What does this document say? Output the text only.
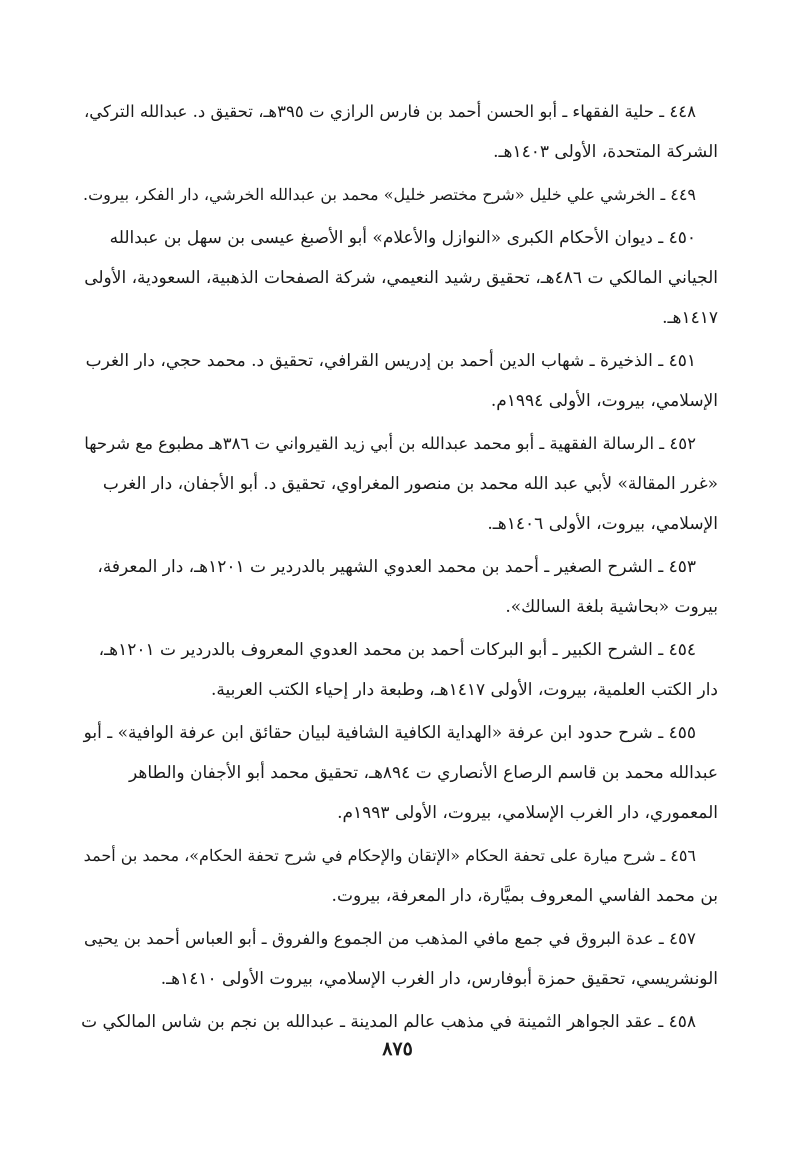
٤٤٨ ـ حلية الفقهاء ـ أبو الحسن أحمد بن فارس الرازي ت ٣٩٥هـ، تحقيق د. عبدالله التركي،
الشركة المتحدة، الأولى ١٤٠٣هـ.
٤٤٩ ـ الخرشي علي خليل «شرح مختصر خليل» محمد بن عبدالله الخرشي، دار الفكر، بيروت.
٤٥٠ ـ ديوان الأحكام الكبرى «النوازل والأعلام» أبو الأصبغ عيسى بن سهل بن عبدالله
الجياني المالكي ت ٤٨٦هـ، تحقيق رشيد النعيمي، شركة الصفحات الذهبية، السعودية، الأولى
١٤١٧هـ.
٤٥١ ـ الذخيرة ـ شهاب الدين أحمد بن إدريس القرافي، تحقيق د. محمد حجي، دار الغرب
الإسلامي، بيروت، الأولى ١٩٩٤م.
٤٥٢ ـ الرسالة الفقهية ـ أبو محمد عبدالله بن أبي زيد القيرواني ت ٣٨٦هـ مطبوع مع شرحها
«غرر المقالة» لأبي عبد الله محمد بن منصور المغراوي، تحقيق د. أبو الأجفان، دار الغرب
الإسلامي، بيروت، الأولى ١٤٠٦هـ.
٤٥٣ ـ الشرح الصغير ـ أحمد بن محمد العدوي الشهير بالدردير ت ١٢٠١هـ، دار المعرفة،
بيروت «بحاشية بلغة السالك».
٤٥٤ ـ الشرح الكبير ـ أبو البركات أحمد بن محمد العدوي المعروف بالدردير ت ١٢٠١هـ،
دار الكتب العلمية، بيروت، الأولى ١٤١٧هـ، وطبعة دار إحياء الكتب العربية.
٤٥٥ ـ شرح حدود ابن عرفة «الهداية الكافية الشافية لبيان حقائق ابن عرفة الوافية» ـ أبو
عبدالله محمد بن قاسم الرصاع الأنصاري ت ٨٩٤هـ، تحقيق محمد أبو الأجفان والطاهر
المعموري، دار الغرب الإسلامي، بيروت، الأولى ١٩٩٣م.
٤٥٦ ـ شرح ميارة على تحفة الحكام «الإتقان والإحكام في شرح تحفة الحكام»، محمد بن أحمد
بن محمد الفاسي المعروف بميَّارة، دار المعرفة، بيروت.
٤٥٧ ـ عدة البروق في جمع مافي المذهب من الجموع والفروق ـ أبو العباس أحمد بن يحيى
الونشريسي، تحقيق حمزة أبوفارس، دار الغرب الإسلامي، بيروت الأولى ١٤١٠هـ.
٤٥٨ ـ عقد الجواهر الثمينة في مذهب عالم المدينة ـ عبدالله بن نجم بن شاس المالكي ت
٨٧٥
